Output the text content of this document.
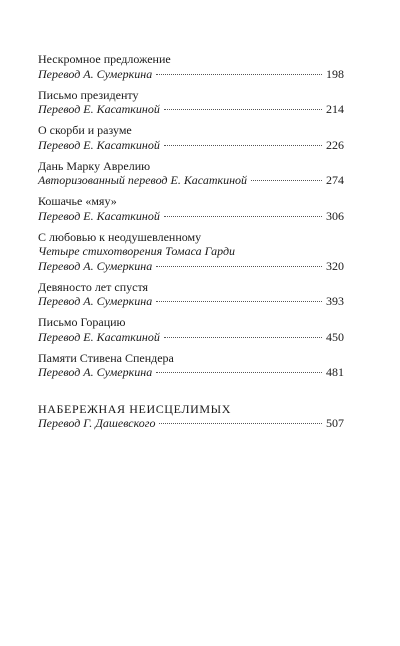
Нескромное предложение
Перевод А. Сумеркина	198
Письмо президенту
Перевод Е. Касаткиной	214
О скорби и разуме
Перевод Е. Касаткиной	226
Дань Марку Аврелию
Авторизованный перевод Е. Касаткиной	274
Кошачье «мяу»
Перевод Е. Касаткиной	306
С любовью к неодушевленному
Четыре стихотворения Томаса Гарди
Перевод А. Сумеркина	320
Девяносто лет спустя
Перевод А. Сумеркина	393
Письмо Горацию
Перевод Е. Касаткиной	450
Памяти Стивена Спендера
Перевод А. Сумеркина	481
НАБЕРЕЖНАЯ НЕИСЦЕЛИМЫХ
Перевод Г. Дашевского	507
